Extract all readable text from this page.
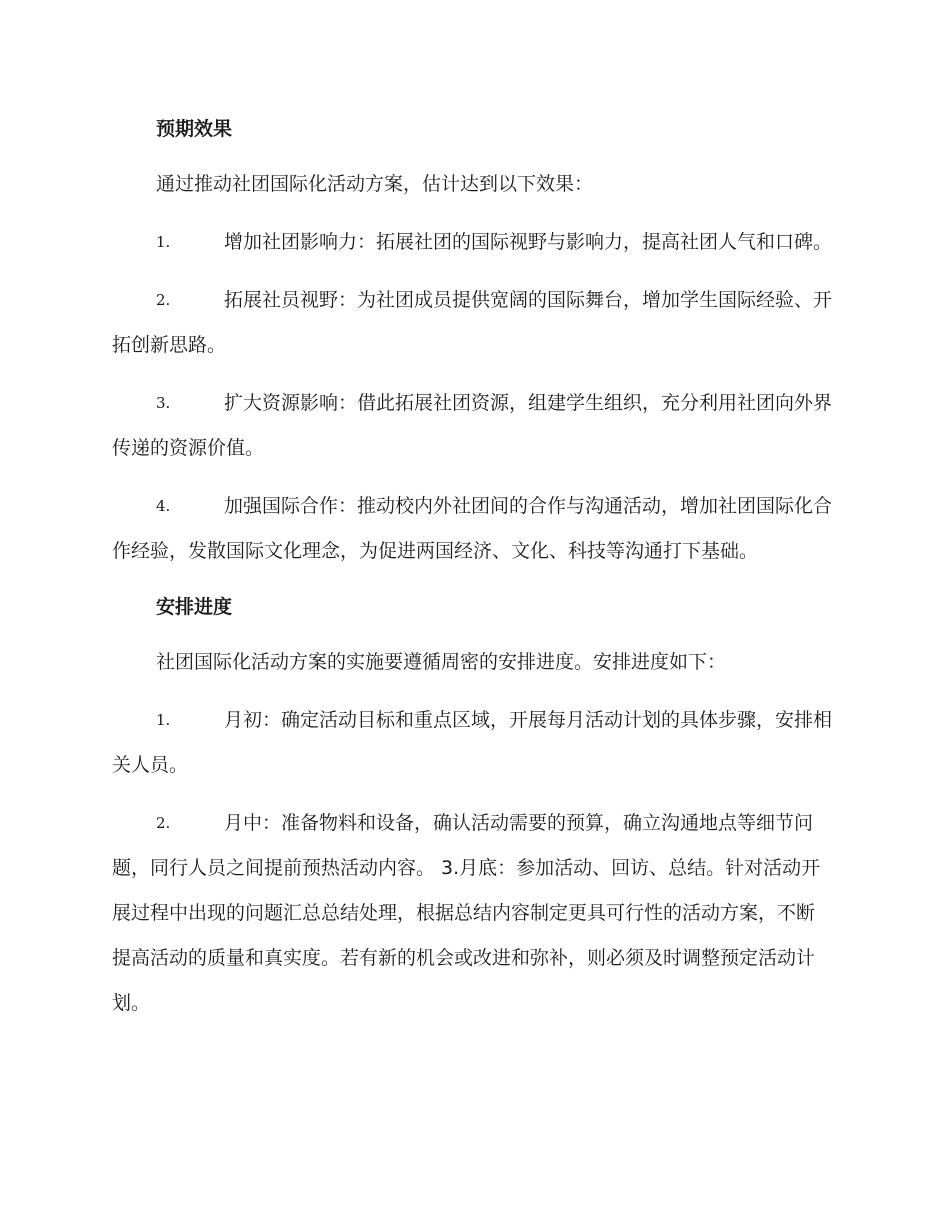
预期效果

通过推动社团国际化活动方案，估计达到以下效果：

1.	增加社团影响力：拓展社团的国际视野与影响力，提高社团人气和口碑。
2.	拓展社员视野：为社团成员提供宽阔的国际舞台，增加学生国际经验、开拓创新思路。
3.	扩大资源影响：借此拓展社团资源，组建学生组织，充分利用社团向外界传递的资源价值。
4.	加强国际合作：推动校内外社团间的合作与沟通活动，增加社团国际化合作经验，发散国际文化理念，为促进两国经济、文化、科技等沟通打下基础。
安排进度

社团国际化活动方案的实施要遵循周密的安排进度。安排进度如下：

1.	月初：确定活动目标和重点区域，开展每月活动计划的具体步骤，安排相关人员。
2.	月中：准备物料和设备，确认活动需要的预算，确立沟通地点等细节问题，同行人员之间提前预热活动内容。 3.月底：参加活动、回访、总结。针对活动开展过程中出现的问题汇总总结处理，根据总结内容制定更具可行性的活动方案，不断提高活动的质量和真实度。若有新的机会或改进和弥补，则必须及时调整预定活动计划。
